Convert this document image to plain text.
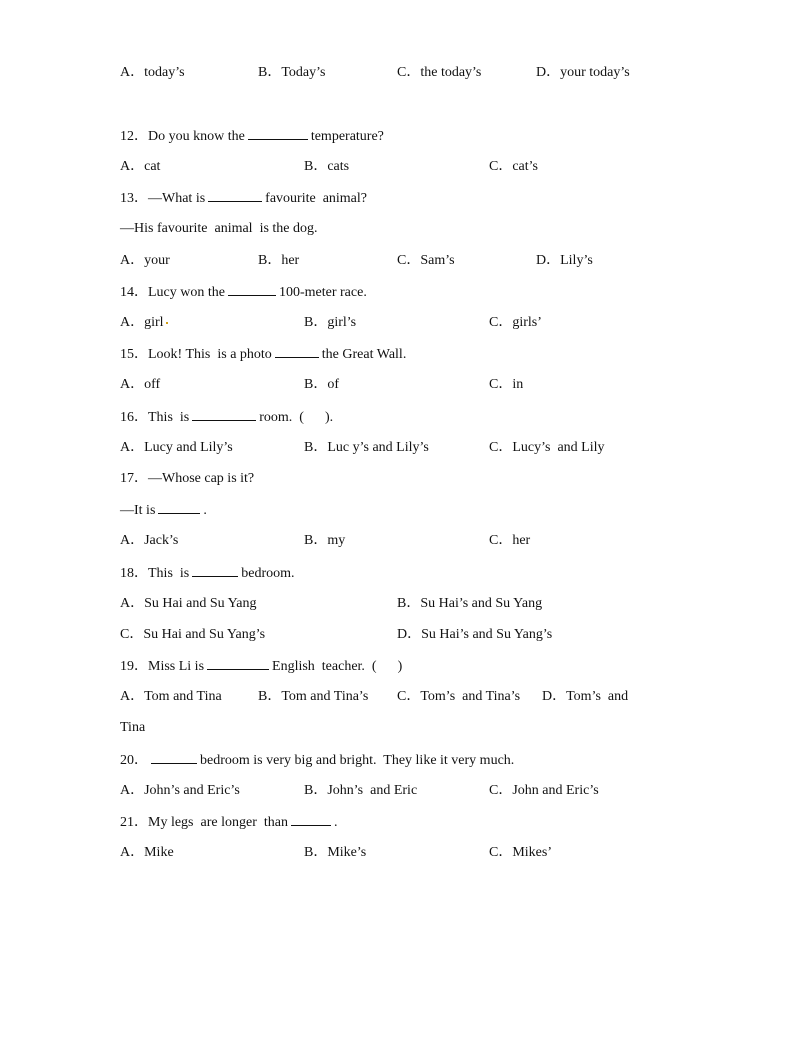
A．today’s	B．Today’s	C．the today’s	D．your today’s
12．Do you know the	temperature?
A．cat	B．cats	C．cat’s
13．—What is	favourite  animal?
—His favourite  animal  is the dog.
A．your	B．her	C．Sam’s	D．Lily’s
14．Lucy won the	100-meter race.
A．girl	B．girl’s	C．girls’
15．Look! This  is a photo	the Great Wall.
A．off	B．of	C．in
16．This  is	room.  (      ).
A．Lucy and Lily’s	B．Luc y’s and Lily’s	C．Lucy’s  and Lily
17．—Whose cap is it?
—It is	.
A．Jack’s	B．my	C．her
18．This  is	bedroom.
A．Su Hai and Su Yang	B．Su Hai’s and Su Yang
C．Su Hai and Su Yang’s	D．Su Hai’s and Su Yang’s
19．Miss Li is	English  teacher.  (      )
A．Tom and Tina	B．Tom and Tina’s C．Tom’s  and Tina’s D．Tom’s  and
Tina
20．	bedroom is very big and bright.  They like it very much.
A．John’s and Eric’s	B．John’s  and Eric	C．John and Eric’s
21．My legs  are longer  than	.
A．Mike	B．Mike’s	C．Mikes’
